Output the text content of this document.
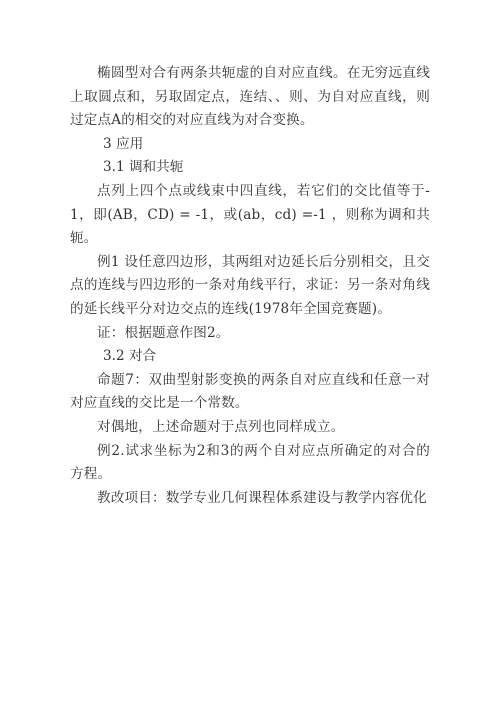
椭圆型对合有两条共轭虚的自对应直线。在无穷远直线上取圆点和，另取固定点，连结、、则、为自对应直线，则过定点A的相交的对应直线为对合变换。

3 应用

3.1 调和共轭

点列上四个点或线束中四直线，若它们的交比值等于-1，即(AB，CD) = -1，或(ab，cd) =-1 ，则称为调和共轭。

例1 设任意四边形，其两组对边延长后分别相交，且交点的连线与四边形的一条对角线平行，求证：另一条对角线的延长线平分对边交点的连线(1978年全国竞赛题)。

证：根据题意作图2。

3.2 对合

命题7：双曲型射影变换的两条自对应直线和任意一对对应直线的交比是一个常数。

对偶地，上述命题对于点列也同样成立。

例2.试求坐标为2和3的两个自对应点所确定的对合的方程。

教改项目：数学专业几何课程体系建设与教学内容优化
